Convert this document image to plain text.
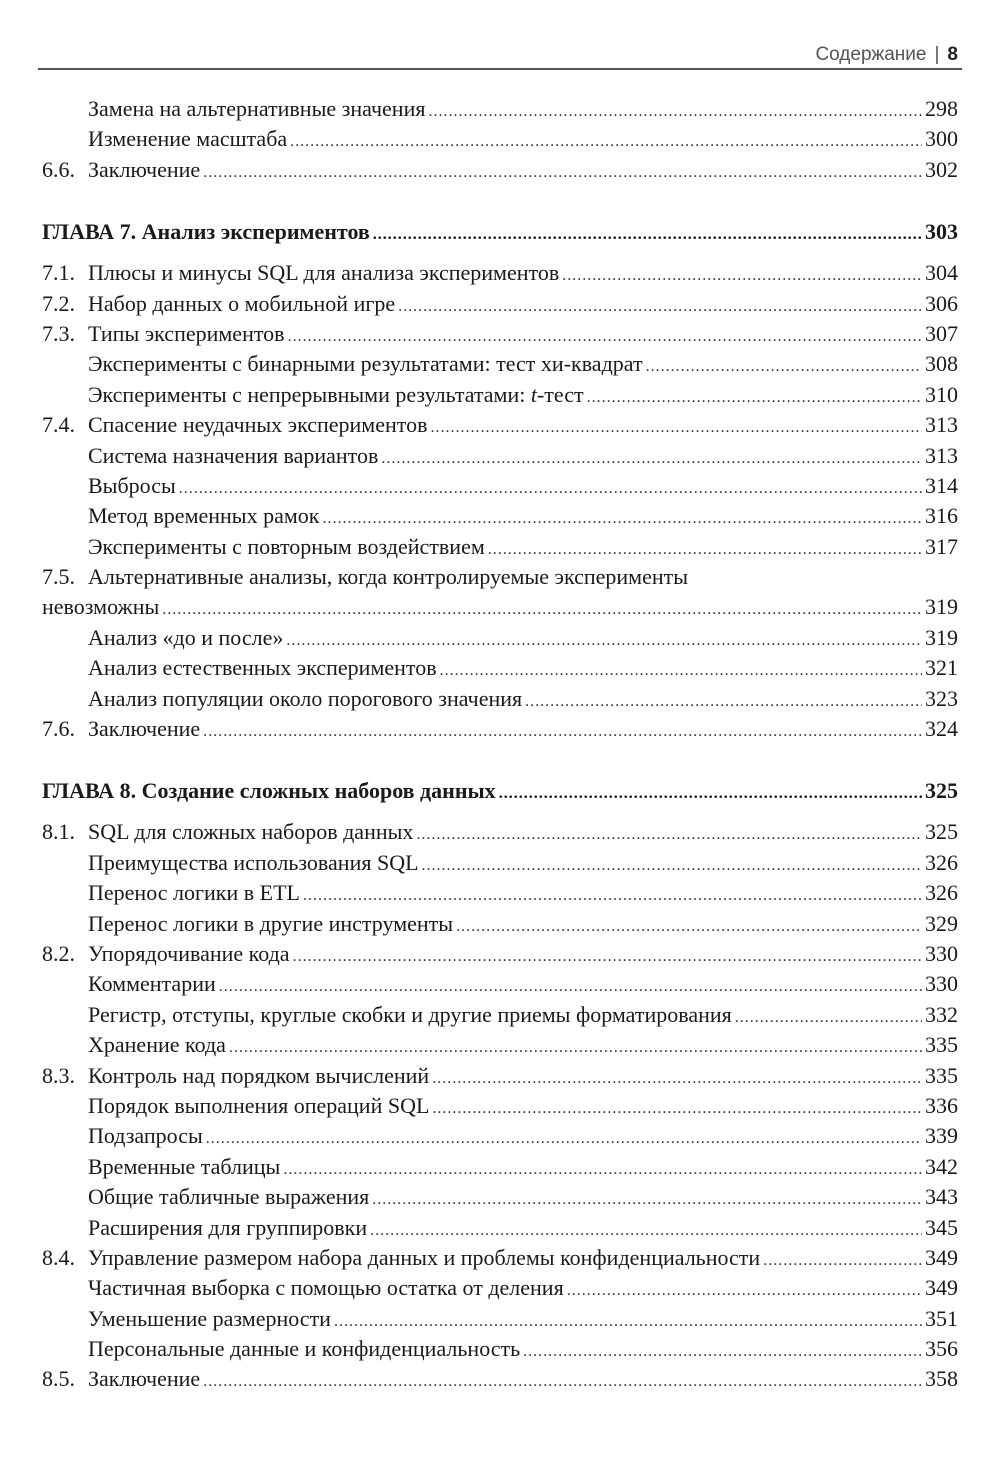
Содержание | 8
Замена на альтернативные значения .....	298
Изменение масштаба .....	300
6.6. Заключение .....	302
ГЛАВА 7. Анализ экспериментов .....	303
7.1. Плюсы и минусы SQL для анализа экспериментов .....	304
7.2. Набор данных о мобильной игре .....	306
7.3. Типы экспериментов .....	307
Эксперименты с бинарными результатами: тест хи-квадрат .....	308
Эксперименты с непрерывными результатами: t-тест .....	310
7.4. Спасение неудачных экспериментов .....	313
Система назначения вариантов .....	313
Выбросы .....	314
Метод временных рамок .....	316
Эксперименты с повторным воздействием .....	317
7.5. Альтернативные анализы, когда контролируемые эксперименты
невозможны .....	319
Анализ «до и после» .....	319
Анализ естественных экспериментов .....	321
Анализ популяции около порогового значения .....	323
7.6. Заключение .....	324
ГЛАВА 8. Создание сложных наборов данных .....	325
8.1. SQL для сложных наборов данных .....	325
Преимущества использования SQL .....	326
Перенос логики в ETL .....	326
Перенос логики в другие инструменты .....	329
8.2. Упорядочивание кода .....	330
Комментарии .....	330
Регистр, отступы, круглые скобки и другие приемы форматирования .....	332
Хранение кода .....	335
8.3. Контроль над порядком вычислений .....	335
Порядок выполнения операций SQL .....	336
Подзапросы .....	339
Временные таблицы .....	342
Общие табличные выражения .....	343
Расширения для группировки .....	345
8.4. Управление размером набора данных и проблемы конфиденциальности .....	349
Частичная выборка с помощью остатка от деления .....	349
Уменьшение размерности .....	351
Персональные данные и конфиденциальность .....	356
8.5. Заключение .....	358
